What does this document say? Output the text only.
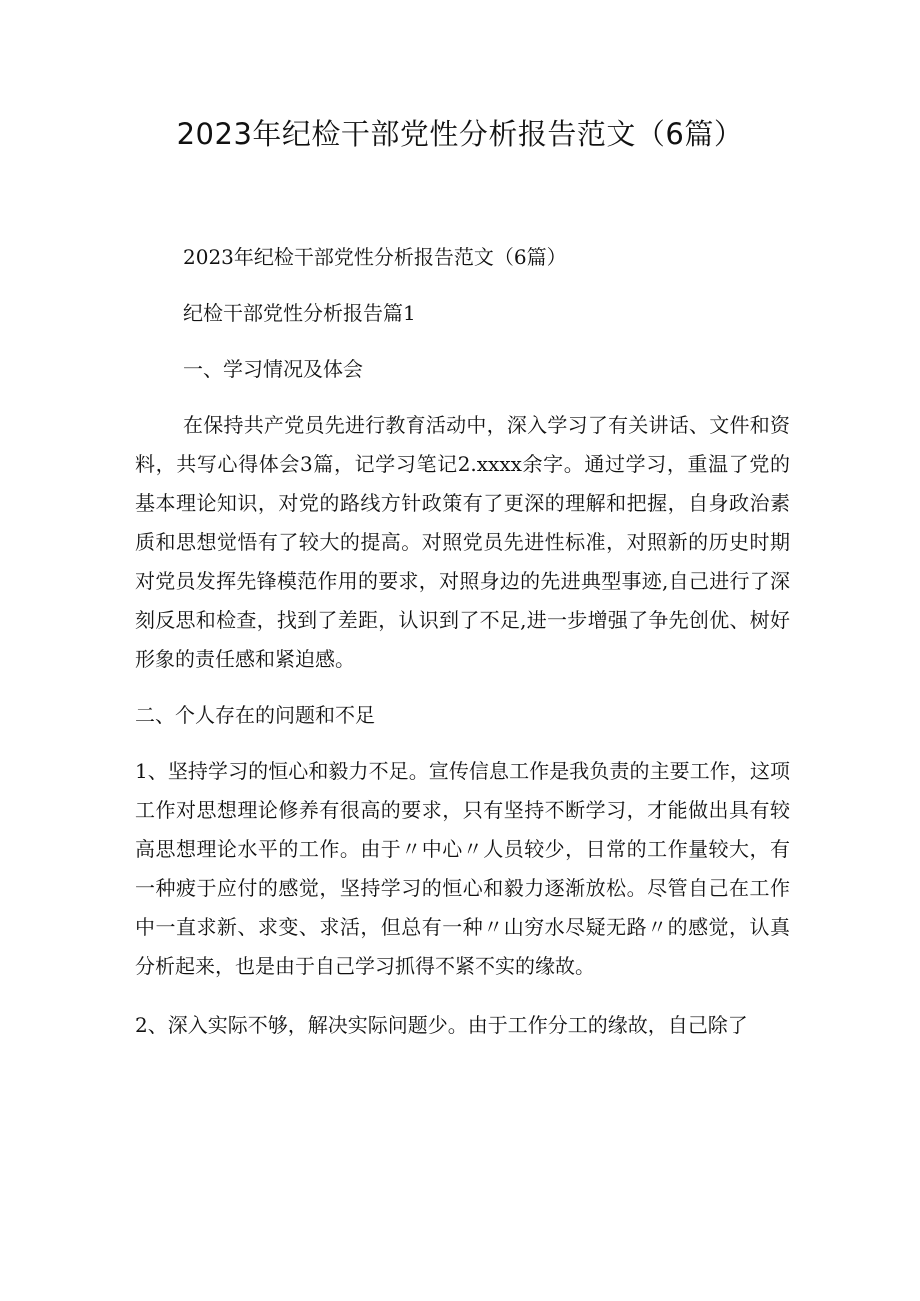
2023年纪检干部党性分析报告范文（6篇）

2023年纪检干部党性分析报告范文（6篇）

纪检干部党性分析报告篇1

一、学习情况及体会

在保持共产党员先进行教育活动中，深入学习了有关讲话、文件和资料，共写心得体会3篇，记学习笔记2.xxxx余字。通过学习，重温了党的基本理论知识，对党的路线方针政策有了更深的理解和把握，自身政治素质和思想觉悟有了较大的提高。对照党员先进性标准，对照新的历史时期对党员发挥先锋模范作用的要求，对照身边的先进典型事迹,自己进行了深刻反思和检查，找到了差距，认识到了不足,进一步增强了争先创优、树好形象的责任感和紧迫感。

二、个人存在的问题和不足

1、坚持学习的恒心和毅力不足。宣传信息工作是我负责的主要工作，这项工作对思想理论修养有很高的要求，只有坚持不断学习，才能做出具有较高思想理论水平的工作。由于〃中心〃人员较少，日常的工作量较大，有一种疲于应付的感觉，坚持学习的恒心和毅力逐渐放松。尽管自己在工作中一直求新、求变、求活，但总有一种〃山穷水尽疑无路〃的感觉，认真分析起来，也是由于自己学习抓得不紧不实的缘故。

2、深入实际不够，解决实际问题少。由于工作分工的缘故，自己除了
